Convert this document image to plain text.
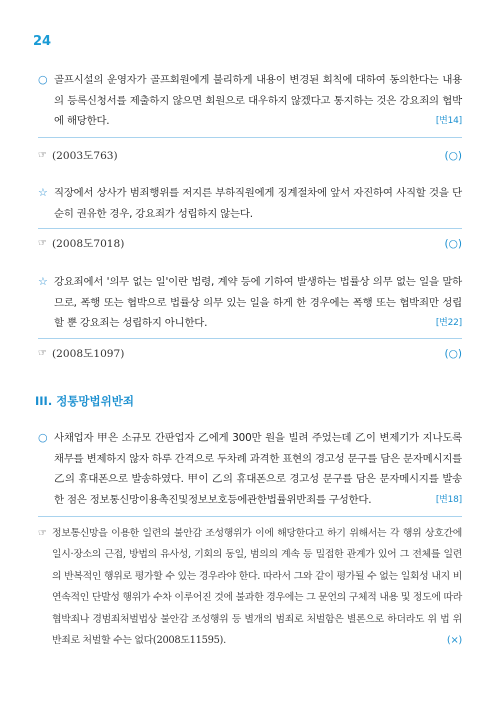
24
○ 골프시설의 운영자가 골프회원에게 불리하게 내용이 변경된 회칙에 대하여 동의한다는 내용의 등록신청서를 제출하지 않으면 회원으로 대우하지 않겠다고 통지하는 것은 강요죄의 협박에 해당한다.	[변14]
☞ (2003도763)	(○)
☆ 직장에서 상사가 범죄행위를 저지른 부하직원에게 징계절차에 앞서 자진하여 사직할 것을 단순히 권유한 경우, 강요죄가 성립하지 않는다.
☞ (2008도7018)	(○)
☆ 강요죄에서 '의무 없는 일'이란 법령, 계약 등에 기하여 발생하는 법률상 의무 없는 일을 말하므로, 폭행 또는 협박으로 법률상 의무 있는 일을 하게 한 경우에는 폭행 또는 협박죄만 성립할 뿐 강요죄는 성립하지 아니한다.	[변22]
☞ (2008도1097)	(○)
III. 정통망법위반죄
○ 사채업자 甲은 소규모 간판업자 乙에게 300만 원을 빌려 주었는데 乙이 변제기가 지나도록 채무를 변제하지 않자 하루 간격으로 두차례 과격한 표현의 경고성 문구를 담은 문자메시지를 乙의 휴대폰으로 발송하였다. 甲이 乙의 휴대폰으로 경고성 문구를 담은 문자메시지를 발송한 점은 정보통신망이용촉진및정보보호등에관한법률위반죄를 구성한다.	[변18]
☞ 정보통신망을 이용한 일련의 불안감 조성행위가 이에 해당한다고 하기 위해서는 각 행위 상호간에 일시·장소의 근접, 방법의 유사성, 기회의 동일, 범의의 계속 등 밀접한 관계가 있어 그 전체를 일련의 반복적인 행위로 평가할 수 있는 경우라야 한다. 따라서 그와 같이 평가될 수 없는 일회성 내지 비연속적인 단발성 행위가 수차 이루어진 것에 불과한 경우에는 그 문언의 구체적 내용 및 정도에 따라 협박죄나 경범죄처벌법상 불안감 조성행위 등 별개의 범죄로 처벌함은 별론으로 하더라도 위 법 위반죄로 처벌할 수는 없다(2008도11595).	(×)
